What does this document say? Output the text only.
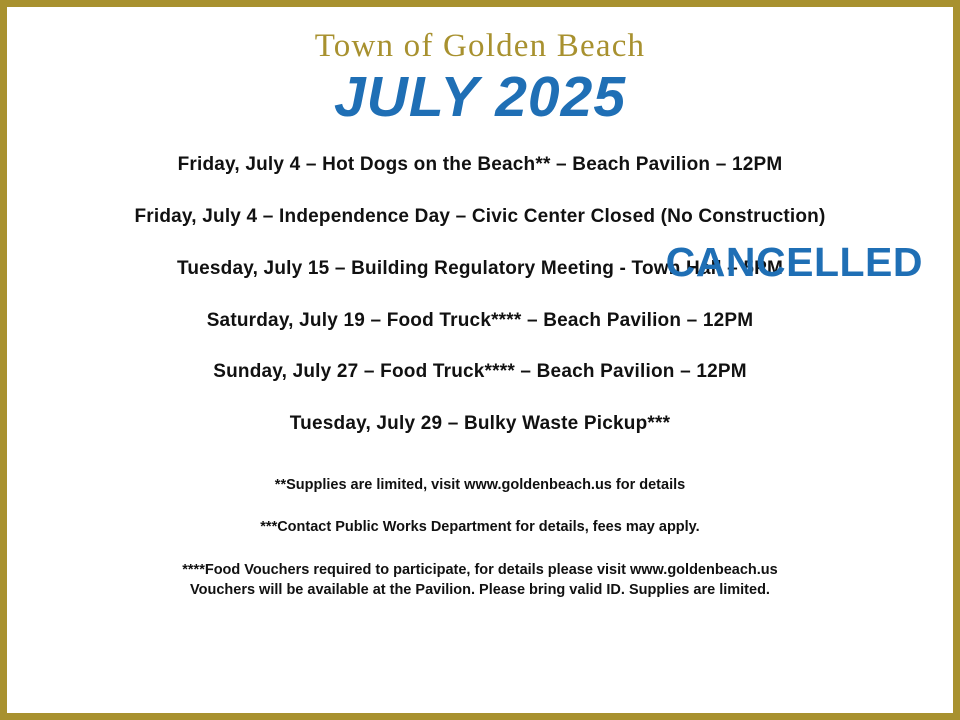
Town of Golden Beach
JULY 2025
Friday, July 4 – Hot Dogs on the Beach** – Beach Pavilion – 12PM
Friday, July 4 – Independence Day – Civic Center Closed (No Construction)
Tuesday, July 15 – Building Regulatory Meeting - Town Hall – 5PM
CANCELLED
Saturday, July 19 – Food Truck**** – Beach Pavilion – 12PM
Sunday, July 27 – Food Truck**** – Beach Pavilion – 12PM
Tuesday, July 29 – Bulky Waste Pickup***
**Supplies are limited, visit www.goldenbeach.us for details
***Contact Public Works Department for details, fees may apply.
****Food Vouchers required to participate, for details please visit www.goldenbeach.us
Vouchers will be available at the Pavilion. Please bring valid ID. Supplies are limited.
